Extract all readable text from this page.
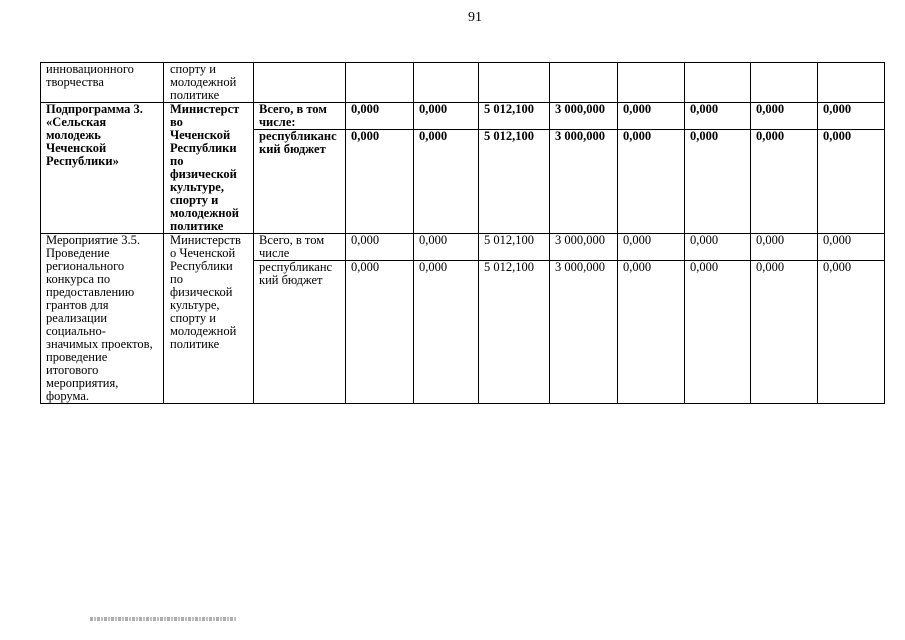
91
инновационного творчества	спорту и молодежной политике									
Подпрограмма 3. «Сельская молодежь Чеченской Республики»	Министерство Чеченской Республики по физической культуре, спорту и молодежной политике	Всего, в том числе:	0,000	0,000	5 012,100	3 000,000	0,000	0,000	0,000	0,000
		республиканский бюджет	0,000	0,000	5 012,100	3 000,000	0,000	0,000	0,000	0,000
Мероприятие 3.5. Проведение регионального конкурса по предоставлению грантов для реализации социально-значимых проектов, проведение итогового мероприятия, форума.	Министерство Чеченской Республики по физической культуре, спорту и молодежной политике	Всего, в том числе	0,000	0,000	5 012,100	3 000,000	0,000	0,000	0,000	0,000
		республиканский бюджет	0,000	0,000	5 012,100	3 000,000	0,000	0,000	0,000	0,000
